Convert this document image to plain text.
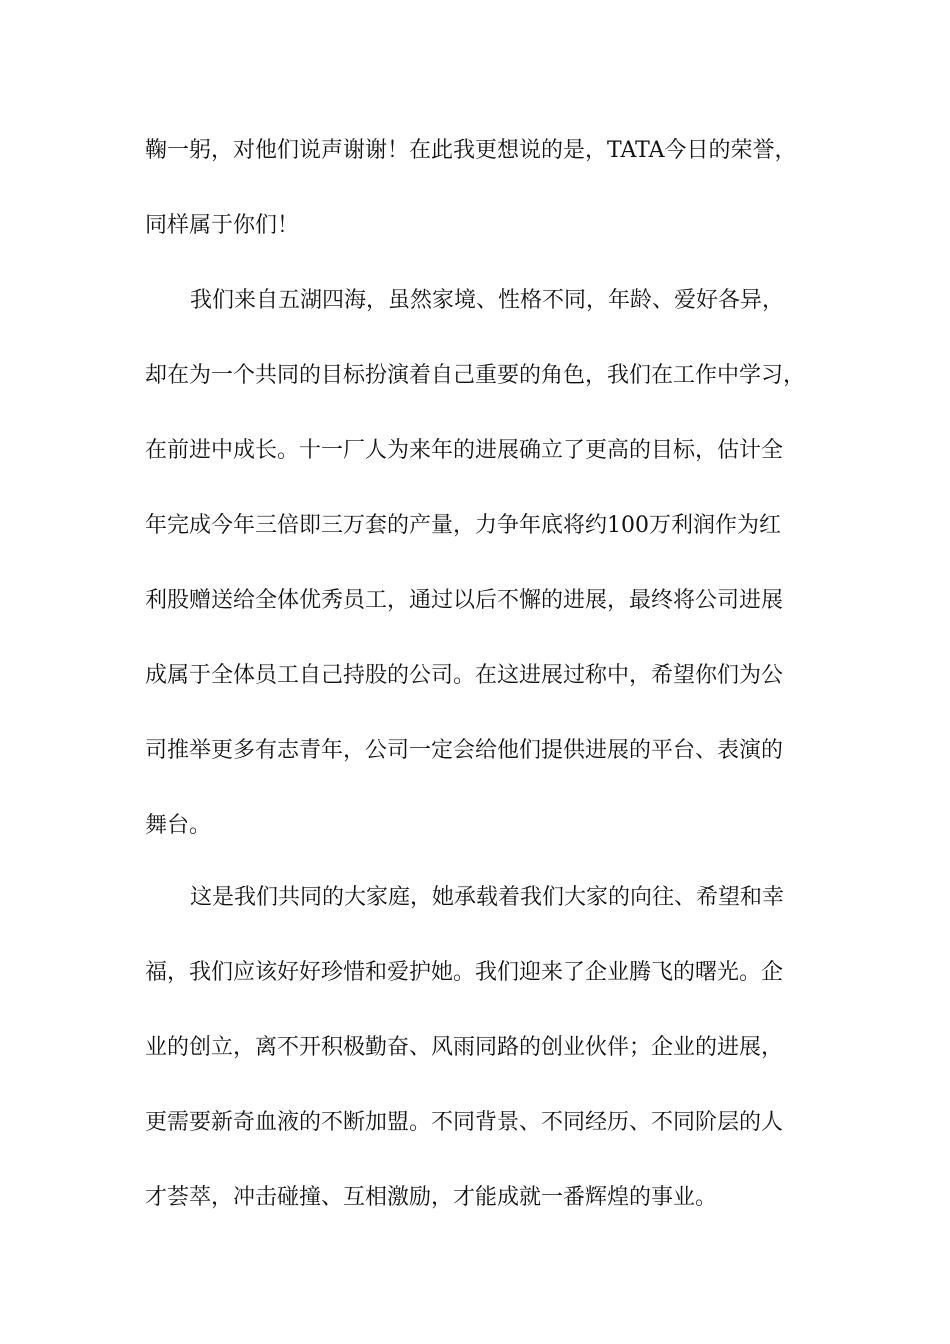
鞠一躬，对他们说声谢谢！在此我更想说的是，TATA今日的荣誉，
同样属于你们！
我们来自五湖四海，虽然家境、性格不同，年龄、爱好各异，
却在为一个共同的目标扮演着自己重要的角色，我们在工作中学习，
在前进中成长。十一厂人为来年的进展确立了更高的目标，估计全
年完成今年三倍即三万套的产量，力争年底将约100万利润作为红
利股赠送给全体优秀员工，通过以后不懈的进展，最终将公司进展
成属于全体员工自己持股的公司。在这进展过称中，希望你们为公
司推举更多有志青年，公司一定会给他们提供进展的平台、表演的
舞台。
这是我们共同的大家庭，她承载着我们大家的向往、希望和幸
福，我们应该好好珍惜和爱护她。我们迎来了企业腾飞的曙光。企
业的创立，离不开积极勤奋、风雨同路的创业伙伴；企业的进展，
更需要新奇血液的不断加盟。不同背景、不同经历、不同阶层的人
才荟萃，冲击碰撞、互相激励，才能成就一番辉煌的事业。
